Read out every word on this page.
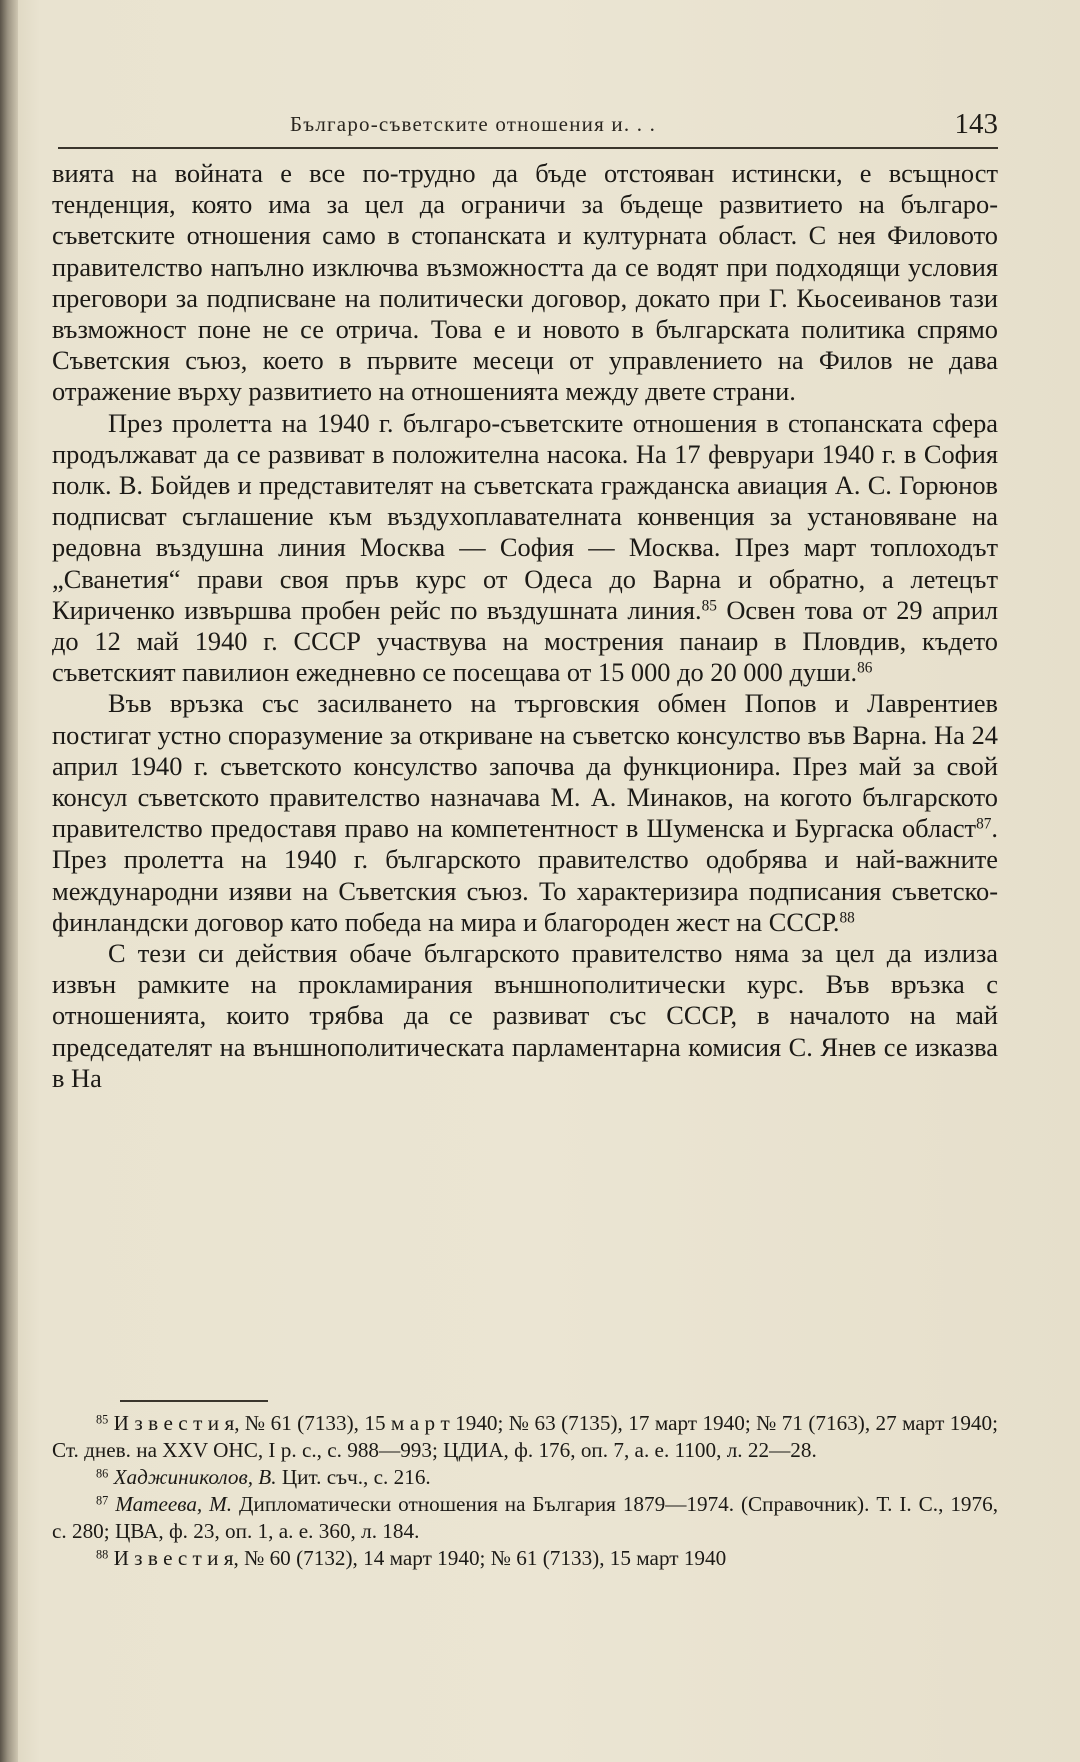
Българо-съветските отношения и. . .	143

вията на войната е все по-трудно да бъде отстояван истински, е всъщност тенденция, която има за цел да ограничи за бъдеще развитието на българо-съветските отношения само в стопанската и културната област. С нея Филовото правителство напълно изключва възможността да се водят при подходящи условия преговори за подписване на политически договор, докато при Г. Кьосеиванов тази възможност поне не се отрича. Това е и новото в българската политика спрямо Съветския съюз, което в първите месеци от управлението на Филов не дава отражение върху развитието на отношенията между двете страни.

През пролетта на 1940 г. българо-съветските отношения в стопанската сфера продължават да се развиват в положителна насока. На 17 февруари 1940 г. в София полк. В. Бойдев и представителят на съветската гражданска авиация А. С. Горюнов подписват съглашение към въздухоплавателната конвенция за установяване на редовна въздушна линия Москва — София — Москва. През март топлоходът „Сванетия“ прави своя пръв курс от Одеса до Варна и обратно, а летецът Кириченко извършва пробен рейс по въздушната линия.$^{85}$ Освен това от 29 април до 12 май 1940 г. СССР участвува на мострения панаир в Пловдив, където съветският павилион ежедневно се посещава от 15 000 до 20 000 души.$^{86}$

Във връзка със засилването на търговския обмен Попов и Лаврентиев постигат устно споразумение за откриване на съветско консулство във Варна. На 24 април 1940 г. съветското консулство започва да функционира. През май за свой консул съветското правителство назначава М. А. Минаков, на когото българското правителство предоставя право на компетентност в Шуменска и Бургаска област$^{87}$. През пролетта на 1940 г. българското правителство одобрява и най-важните международни изяви на Съветския съюз. То характеризира подписания съветско-финландски договор като победа на мира и благороден жест на СССР.$^{88}$

С тези си действия обаче българското правителство няма за цел да излиза извън рамките на прокламирания външнополитически курс. Във връзка с отношенията, които трябва да се развиват със СССР, в началото на май председателят на външнополитическата парламентарна комисия С. Янев се изказва в На

$^{85}$ И з в е с т и я, № 61 (7133), 15 м а р т 1940; № 63 (7135), 17 март 1940; № 71 (7163), 27 март 1940; Ст. днев. на XXV ОНС, I р. с., с. 988—993; ЦДИА, ф. 176, оп. 7, а. е. 1100, л. 22—28.

$^{86}$ Хаджиниколов, В. Цит. съч., с. 216.

$^{87}$ Матеева, М. Дипломатически отношения на България 1879—1974. (Справочник). Т. I. С., 1976, с. 280; ЦВА, ф. 23, оп. 1, а. е. 360, л. 184.

$^{88}$ И з в е с т и я, № 60 (7132), 14 март 1940; № 61 (7133), 15 март 1940
